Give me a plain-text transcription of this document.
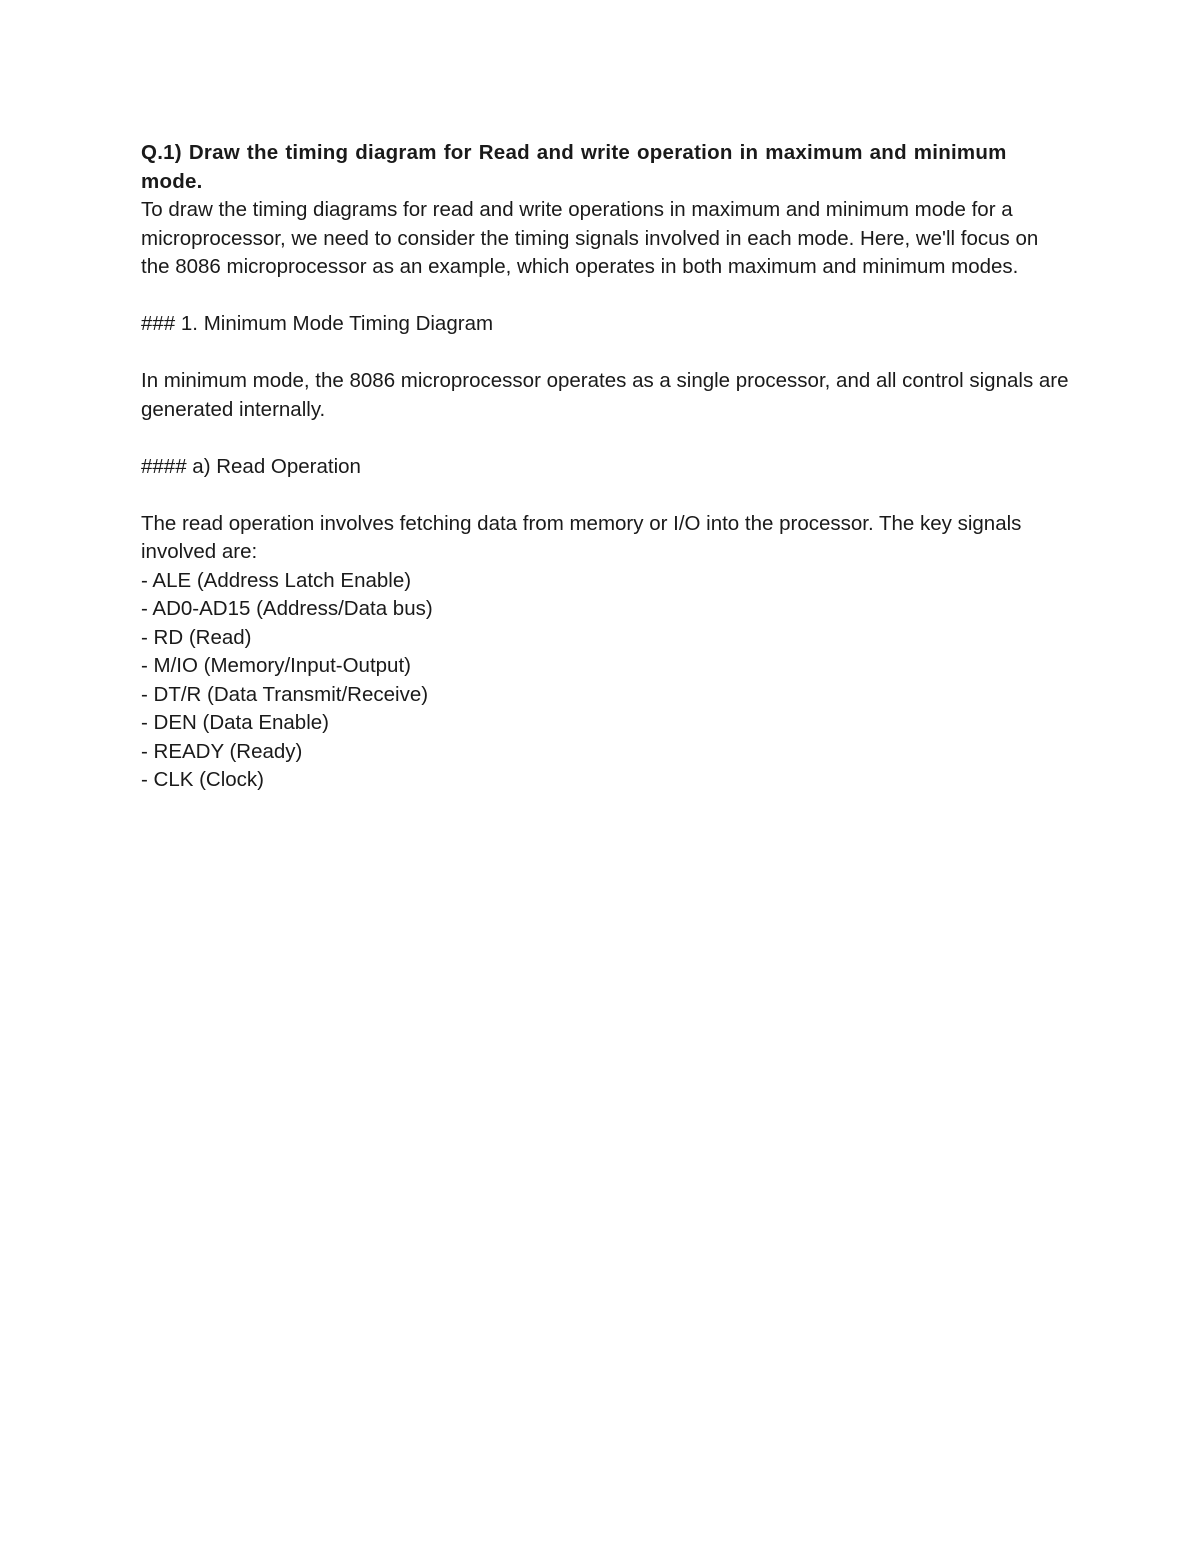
Q.1) Draw the timing diagram for Read and write operation in maximum and minimum mode.

To draw the timing diagrams for read and write operations in maximum and minimum mode for a microprocessor, we need to consider the timing signals involved in each mode. Here, we'll focus on the 8086 microprocessor as an example, which operates in both maximum and minimum modes.

### 1. Minimum Mode Timing Diagram

In minimum mode, the 8086 microprocessor operates as a single processor, and all control signals are generated internally.

#### a) Read Operation

The read operation involves fetching data from memory or I/O into the processor. The key signals involved are:

- ALE (Address Latch Enable)
- AD0-AD15 (Address/Data bus)
- RD (Read)
- M/IO (Memory/Input-Output)
- DT/R (Data Transmit/Receive)
- DEN (Data Enable)
- READY (Ready)
- CLK (Clock)
